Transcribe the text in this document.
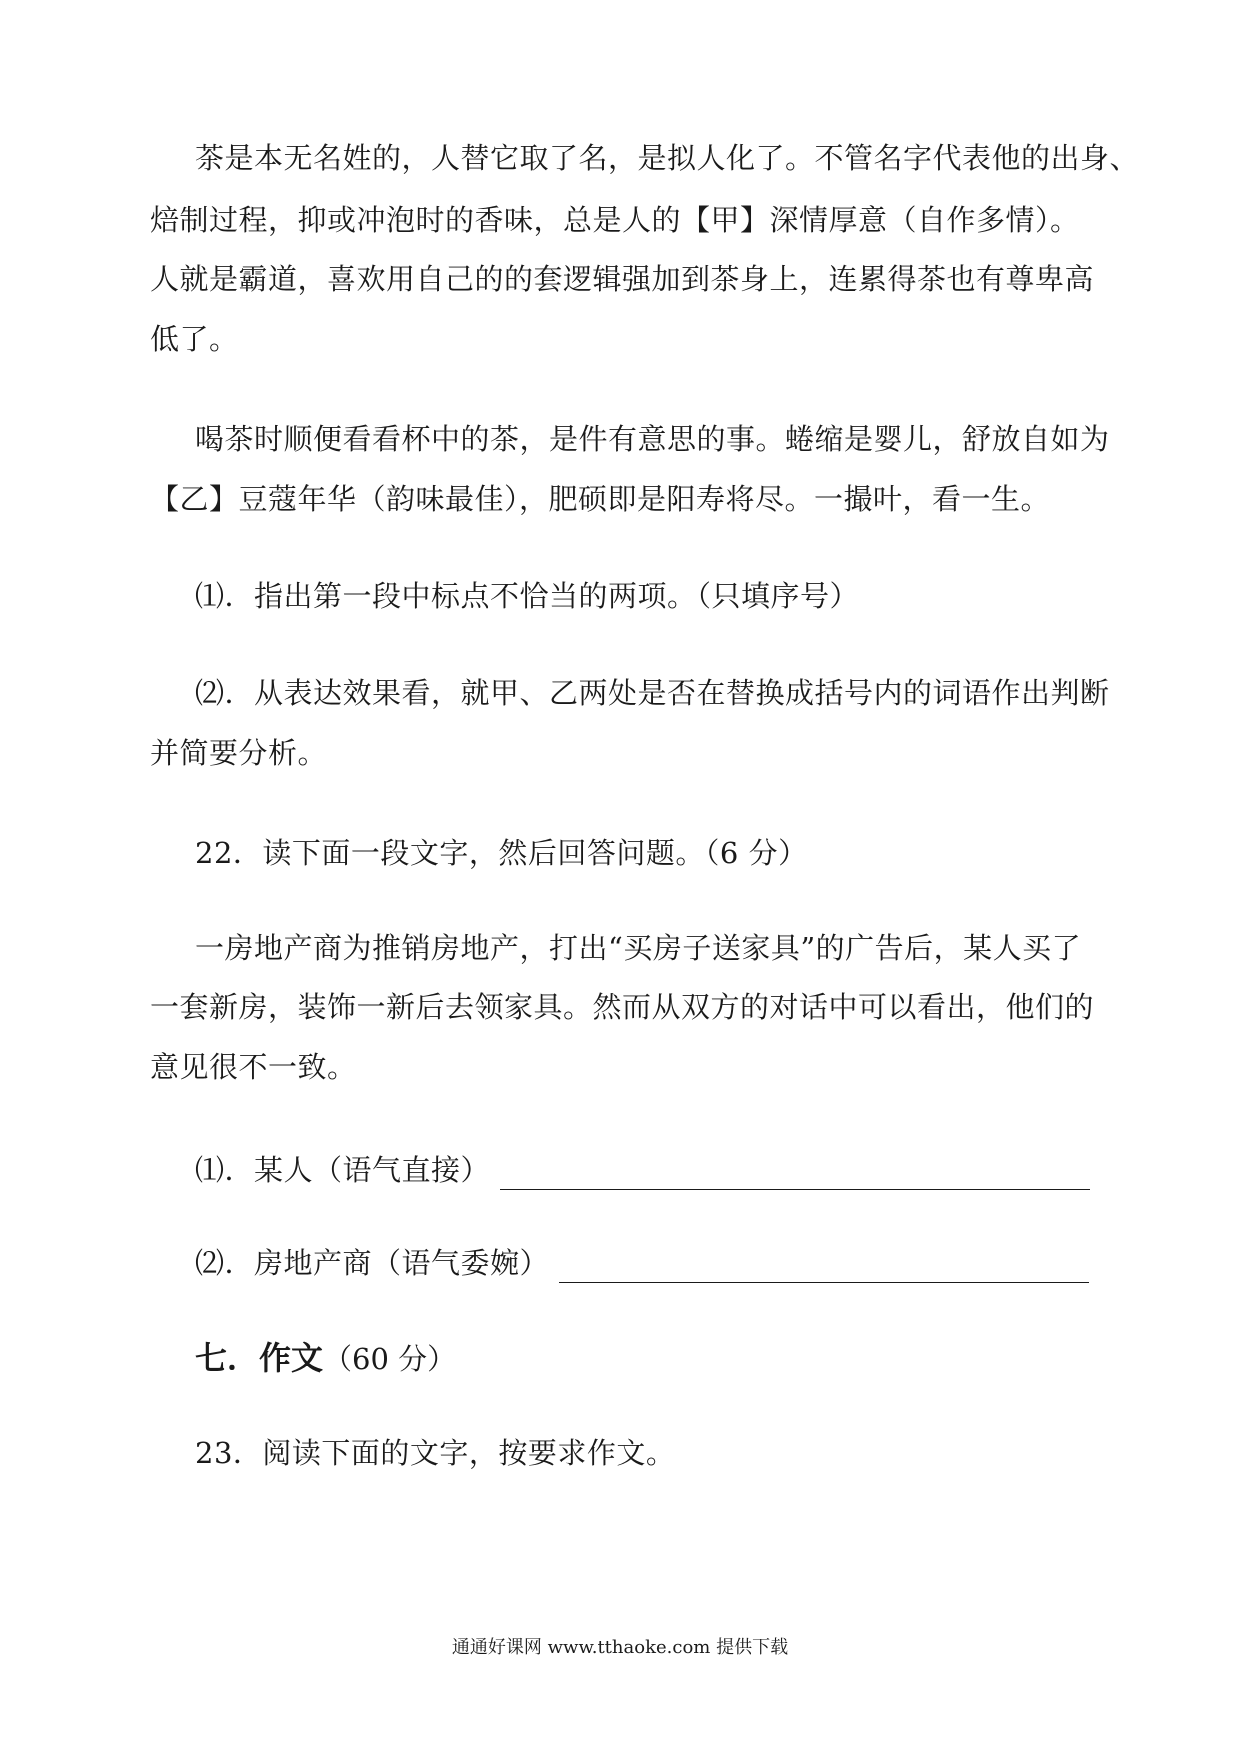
茶是本无名姓的，人替它取了名，是拟人化了。不管名字代表他的出身、
焙制过程，抑或冲泡时的香味，总是人的【甲】深情厚意（自作多情）。
人就是霸道，喜欢用自己的的套逻辑强加到茶身上，连累得茶也有尊卑高
低了。
喝茶时顺便看看杯中的茶，是件有意思的事。蜷缩是婴儿，舒放自如为
【乙】豆蔻年华（韵味最佳），肥硕即是阳寿将尽。一撮叶，看一生。
⑴．指出第一段中标点不恰当的两项。（只填序号）
⑵．从表达效果看，就甲、乙两处是否在替换成括号内的词语作出判断
并简要分析。
22．读下面一段文字，然后回答问题。（6 分）
一房地产商为推销房地产，打出“买房子送家具”的广告后，某人买了
一套新房，装饰一新后去领家具。然而从双方的对话中可以看出，他们的
意见很不一致。
⑴．某人（语气直接）
⑵．房地产商（语气委婉）
七．作文（60 分）
23．阅读下面的文字，按要求作文。
通通好课网 www.tthaoke.com 提供下载
